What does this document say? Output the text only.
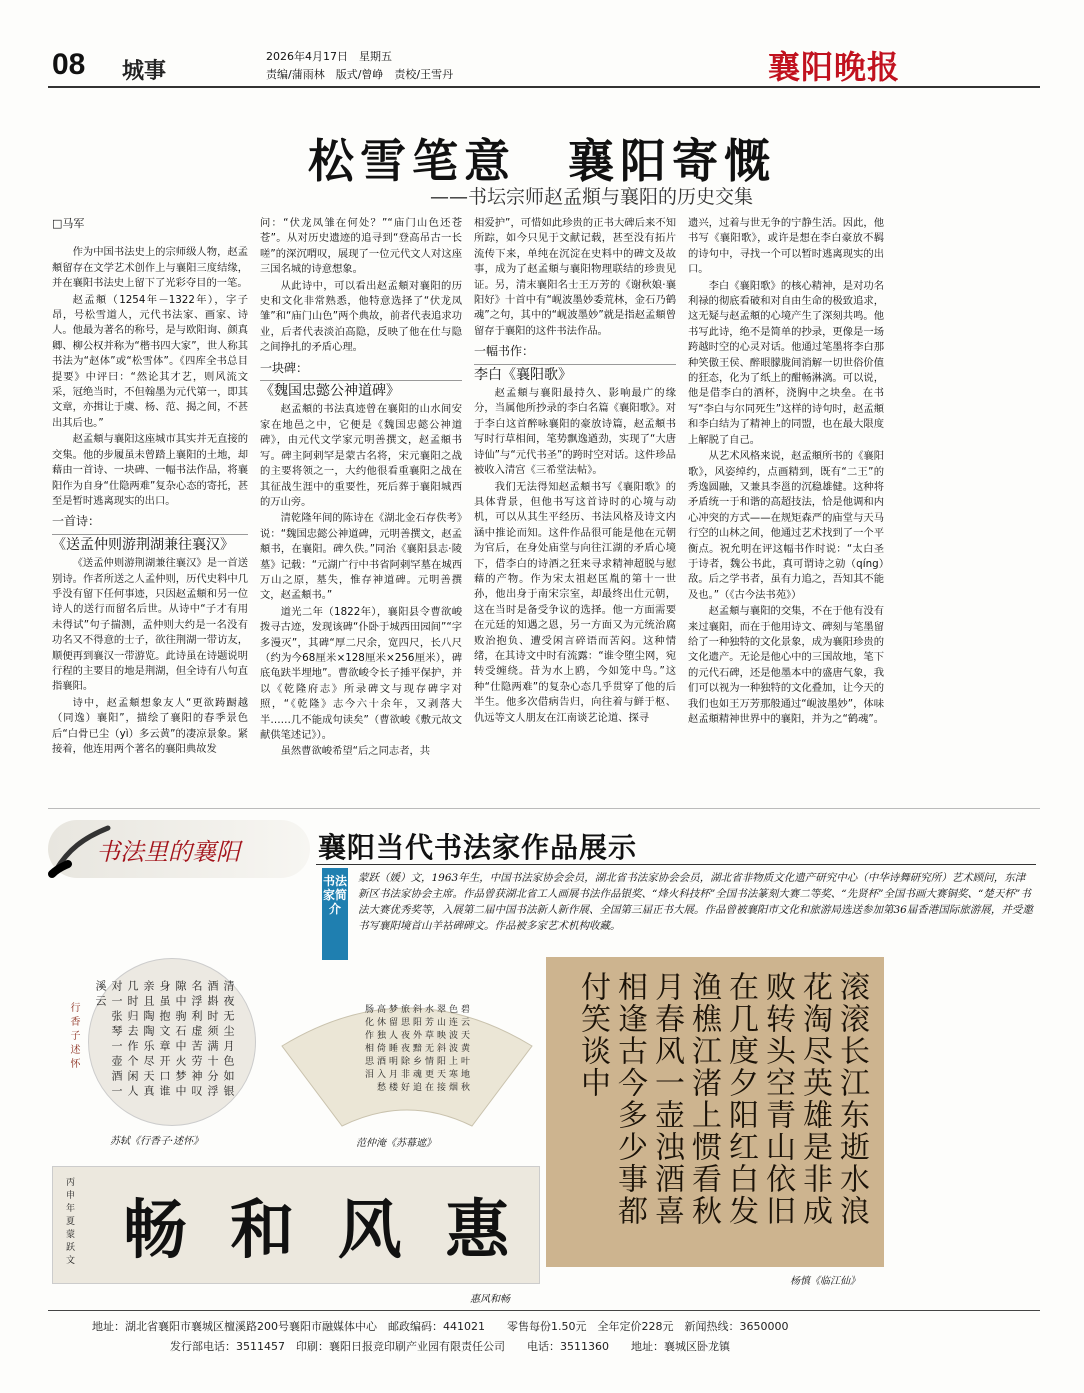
08 城事
2026年4月17日　星期五
责编/蒲雨林　版式/曾峥　责校/王雪丹	襄阳晚报
松雪笔意　襄阳寄慨
——书坛宗师赵孟頫与襄阳的历史交集
□马军

作为中国书法史上的宗师级人物，赵孟頫留存在文学艺术创作上与襄阳三度结缘，并在襄阳书法史上留下了光彩夺目的一笔。

赵孟頫（1254年－1322年），字子昂，号松雪道人，元代书法家、画家、诗人。他最为著名的称号，是与欧阳询、颜真卿、柳公权并称为“楷书四大家”，世人称其书法为“赵体”或“松雪体”。《四库全书总目提要》中评曰：“然论其才艺，则风流文采，冠绝当时，不但翰墨为元代第一，即其文章，亦揖让于虞、杨、范、揭之间，不甚出其后也。”

赵孟頫与襄阳这座城市其实并无直接的交集。他的步履虽未曾踏上襄阳的土地，却藉由一首诗、一块碑、一幅书法作品，将襄阳作为自身“仕隐两难”复杂心态的寄托，甚至是暂时逃离现实的出口。

一首诗：
《送孟仲则游荆湖兼往襄汉》

《送孟仲则游荆湖兼往襄汉》是一首送别诗。作者所送之人孟仲则，历代史料中几乎没有留下任何事迹，只因赵孟頫和另一位诗人的送行而留名后世。从诗中“子才有用未得试”句子揣测，孟仲则大约是一名没有功名又不得意的士子，欲往荆湖一带访友，顺便再到襄汉一带游览。此诗虽在诗题说明行程的主要目的地是荆湖，但全诗有八句直指襄阳。

诗中，赵孟頫想象友人“更欲踌蹰越（同逸）襄阳”，描绘了襄阳的春季景色后“白骨已尘（yì）多云黄”的凄凉景象。紧接着，他连用两个著名的襄阳典故发

问：“伏龙凤雏在何处？”“庙门山色还苍苍”。从对历史遗迹的追寻到“登高吊古一长嗟”的深沉喟叹，展现了一位元代文人对这座三国名城的诗意想象。

从此诗中，可以看出赵孟頫对襄阳的历史和文化非常熟悉，他特意选择了“伏龙凤雏”和“庙门山色”两个典故，前者代表追求功业，后者代表淡泊高隐，反映了他在仕与隐之间挣扎的矛盾心理。

一块碑：
《魏国忠懿公神道碑》

赵孟頫的书法真迹曾在襄阳的山水间安家在地邑之中，它便是《魏国忠懿公神道碑》，由元代文学家元明善撰文，赵孟頫书写。碑主阿剌罕是蒙古名将，宋元襄阳之战的主要将领之一，大约他很看重襄阳之战在其征战生涯中的重要性，死后葬于襄阳城西的万山旁。

清乾隆年间的陈诗在《湖北金石存佚考》说：“魏国忠懿公神道碑，元明善撰文，赵孟頫书，在襄阳。碑久佚。”同治《襄阳县志·陵墓》记载：“元湖广行中书省阿剌罕墓在城西万山之原，墓失，惟存神道碑。元明善撰文，赵孟頫书。”

道光二年（1822年），襄阳县令曹欲峻拨寻古迹，发现该碑“仆卧于城西田园间”“字多漫灭”，其碑“厚二尺余，宽四尺，长八尺（约为今68厘米×128厘米×256厘米），碑底龟趺半埋地”。曹欲峻令长子捶平保护，并以《乾隆府志》所录碑文与现存碑字对照，“《乾隆》志今六十余年，又剥落大半……几不能成句读矣”（曹欲峻《敷元故文献供笔述记》）。

虽然曹欲峻希望“后之同志者，共

相爱护”，可惜如此珍贵的正书大碑后来不知所踪，如今只见于文献记载，甚至没有拓片流传下来，单纯在沉淀在史料中的碑文及故事，成为了赵孟頫与襄阳物理联结的珍贵见证。另，清末襄阳名士王万芳的《谢秋娘·襄阳好》十首中有“岘波墨妙委荒林，金石乃鹤魂”之句，其中的“岘波墨妙”就是指赵孟頫曾留存于襄阳的这件书法作品。

一幅书作：
李白《襄阳歌》

赵孟頫与襄阳最持久、影响最广的缘分，当属他所抄录的李白名篇《襄阳歌》。对于李白这首醉咏襄阳的豪放诗篇，赵孟頫书写时行草相间，笔势飘逸遒劲，实现了“大唐诗仙”与“元代书圣”的跨时空对话。这件珍品被收入清宫《三希堂法帖》。

我们无法得知赵孟頫书写《襄阳歌》的具体背景，但他书写这首诗时的心境与动机，可以从其生平经历、书法风格及诗文内涵中推论而知。这件作品很可能是他在元朝为官后，在身处庙堂与向往江湖的矛盾心境下，借李白的诗酒之狂来寻求精神超脱与慰藉的产物。作为宋太祖赵匡胤的第十一世孙，他出身于南宋宗室，却最终出仕元朝，这在当时是备受争议的选择。他一方面需要在元廷的知遇之恩，另一方面又为元统治腐败治抱负、遭受闲言碎语而苦闷。这种情绪，在其诗文中时有流露：“谁令堕尘网，宛转受缠绕。昔为水上鸥，今如笼中鸟。”这种“仕隐两难”的复杂心态几乎贯穿了他的后半生。他多次借病告归，向往着与鲜于枢、仇远等文人朋友在江南谈艺论道、探寻

遗兴，过着与世无争的宁静生活。因此，他书写《襄阳歌》，或许是想在李白豪放不羁的诗句中，寻找一个可以暂时逃离现实的出口。

李白《襄阳歌》的核心精神，是对功名利禄的彻底看破和对自由生命的极致追求，这无疑与赵孟頫的心境产生了深刻共鸣。他书写此诗，绝不是简单的抄录，更像是一场跨越时空的心灵对话。他通过笔墨将李白那种笑傲王侯、醉眼朦胧间消解一切世俗价值的狂态，化为了纸上的酣畅淋漓。可以说，他是借李白的酒杯，浇胸中之块垒。在书写“李白与尔同死生”这样的诗句时，赵孟頫和李白结为了精神上的同盟，也在最大限度上解脱了自己。

从艺术风格来说，赵孟頫所书的《襄阳歌》，风姿绰约，点画精到，既有“二王”的秀逸圆融，又兼具李邕的沉稳雄健。这种将矛盾统一于和谐的高超技法，恰是他调和内心冲突的方式——在规矩森严的庙堂与天马行空的山林之间，他通过艺术找到了一个平衡点。祝允明在评这幅书作时说：“太白圣于诗者，魏公书此，真可谓诗之勍（qíng）敌。后之学书者，虽有力追之，吾知其不能及也。”（《古今法书苑》）

赵孟頫与襄阳的交集，不在于他有没有来过襄阳，而在于他用诗文、碑刻与笔墨留给了一种独特的文化景象，成为襄阳珍贵的文化遗产。无论是他心中的三国故地，笔下的元代石碑，还是他墨本中的盛唐气象，我们可以视为一种独特的文化叠加，让今天的我们也如王万芳那般通过“岘波墨妙”，体味赵孟頫精神世界中的襄阳，并为之“鹤魂”。

书法里的襄阳	襄阳当代书法家作品展示
书法家简介
蒙跃（媛）文，1963年生，中国书法家协会会员，湖北省书法家协会会员，湖北省非物质文化遗产研究中心（中华诗舞研究所）艺术顾问，东津新区书法家协会主席。作品曾获湖北省工人画展书法作品银奖、“烽火科技杯”全国书法篆刻大赛二等奖、“先贤杯”全国书画大赛铜奖、“楚天杯”书法大赛优秀奖等，入展第二届中国书法新人新作展、全国第三届正书大展。作品曾被襄阳市文化和旅游局选送参加第36届香港国际旅游展，并受邀书写襄阳境首山羊祜碑碑文。作品被多家艺术机构收藏。
清夜无尘月色如银酒斟时须满十分浮名浮利虚苦劳神叹隙中驹石中火梦中身虽抱文章开口谁亲且陶陶乐尽天真几时归去作个闲人对一张琴一壶酒一溪云
行香子述怀
苏轼《行香子·述怀》
碧云天黄叶地秋色连波波上寒烟翠山映斜阳天接水芳草无情更在斜阳外黯乡魂追旅思夜夜除非好梦留人睡明月楼高休独倚酒入愁肠化作相思泪
范仲淹《苏幕遮》	滚滚长江东逝水浪花淘尽英雄是非成败转头空青山依旧在几度夕阳红白发渔樵江渚上惯看秋月春风一壶浊酒喜相逢古今多少事都付笑谈中
杨慎《临江仙》
畅 和 风 惠
丙申年夏蒙跃文
惠风和畅
地址：湖北省襄阳市襄城区檀溪路200号襄阳市融媒体中心　邮政编码：441021　　零售每份1.50元　全年定价228元　新闻热线：3650000
发行部电话：3511457　印刷：襄阳日报竞印刷产业园有限责任公司　　电话：3511360　　地址：襄城区卧龙镇
